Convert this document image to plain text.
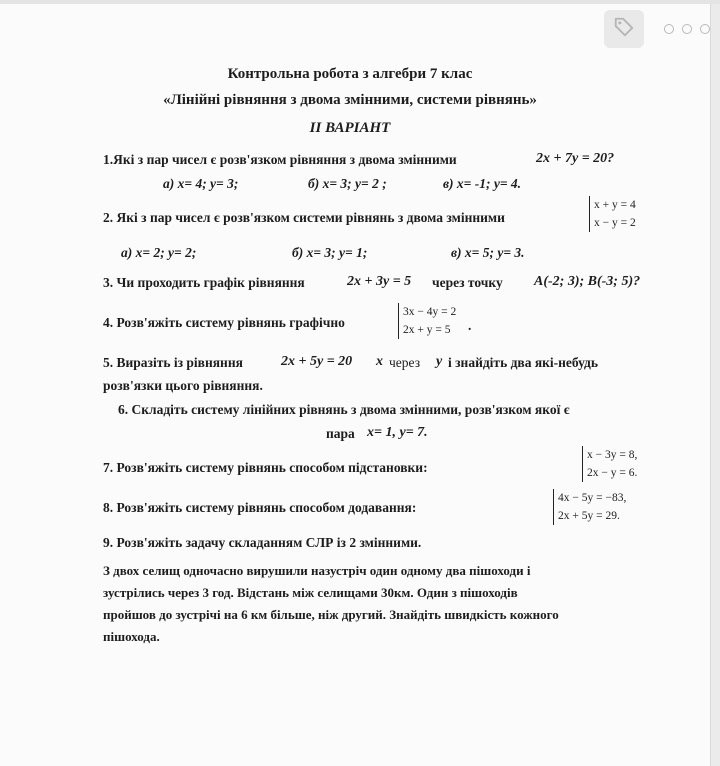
Контрольна робота з алгебри 7 клас
«Лінійні рівняння з двома змінними, системи рівнянь»
ІІ ВАРІАНТ
1.Які з пар чисел є розв'язком рівняння з двома змінними	2x + 7y = 20?
а) x= 4; y= 3;	б) x= 3; y= 2 ;	в) x= -1; y= 4.
2. Які з пар чисел є розв'язком системи рівнянь з двома змінними
x + y = 4
x − y = 2
а) x= 2; y= 2;	б) x= 3; y= 1;	в) x= 5; y= 3.
3. Чи проходить графік рівняння	2x + 3y = 5 через точку A(-2; 3); B(-3; 5)?
4. Розв'яжіть систему рівнянь графічно
3x − 4y = 2
2x + y = 5	.
5. Виразіть із рівняння	2x + 5y = 20 x через y і знайдіть два які-небудь
розв'язки цього рівняння.
6. Складіть систему лінійних рівнянь з двома змінними, розв'язком якої є
пара x= 1, y= 7.
7. Розв'яжіть систему рівнянь способом підстановки:
x − 3y = 8,
2x − y = 6.
8. Розв'яжіть систему рівнянь способом додавання:
4x − 5y = −83,
2x + 5y = 29.
9. Розв'яжіть задачу складанням СЛР із 2 змінними.
З двох селищ одночасно вирушили назустріч один одному два пішоходи і
зустрілись через 3 год. Відстань між селищами 30км. Один з пішоходів
пройшов до зустрічі на 6 км більше, ніж другий. Знайдіть швидкість кожного
пішохода.
